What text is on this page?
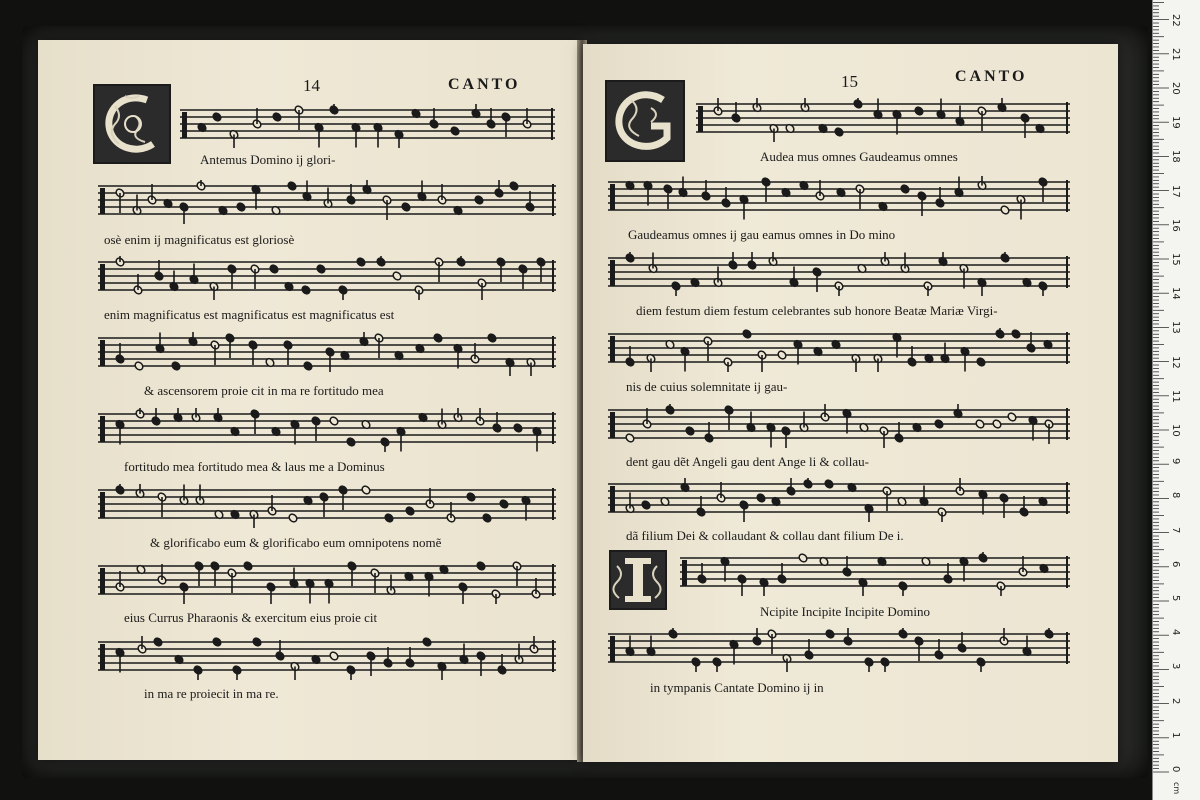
14	CANTO	15	CANTO
Antemus Domino ij glori-
osè enim ij magnificatus est gloriosè
enim magnificatus est magnificatus est magnificatus est
& ascensorem proie cit in ma re fortitudo mea
fortitudo mea fortitudo mea & laus me a Dominus
& glorificabo eum & glorificabo eum omnipotens nomẽ
eius Currus Pharaonis & exercitum eius proie cit
in ma re proiecit in ma re.
Audea mus omnes Gaudeamus omnes
Gaudeamus omnes ij gau eamus omnes in Do mino
diem festum diem festum celebrantes sub honore Beatæ Mariæ Virgi-
nis de cuius solemnitate ij gau-
dent gau dẽt Angeli gau dent Ange li & collau-
dã filium Dei & collaudant & collau dant filium De i.
Ncipite Incipite Incipite Domino
in tympanis Cantate Domino ij in
0
1
2
3
4
5
6
7
8
9
10
11
12
13
14
15
16
17
18
19
20
21
22
cm
